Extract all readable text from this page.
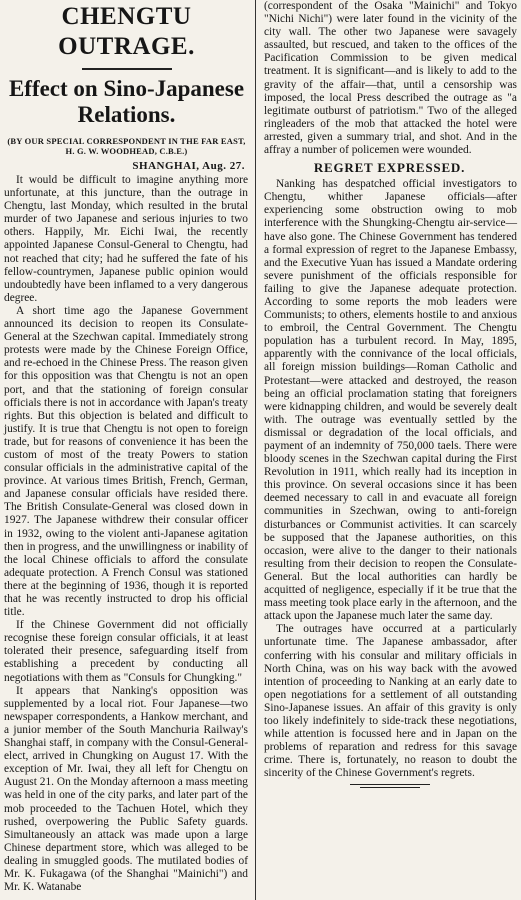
CHENGTU OUTRAGE.
Effect on Sino-Japanese Relations.
(BY OUR SPECIAL CORRESPONDENT IN THE FAR EAST, H. G. W. WOODHEAD, C.B.E.)
SHANGHAI, Aug. 27.

It would be difficult to imagine anything more unfortunate, at this juncture, than the outrage in Chengtu, last Monday, which resulted in the brutal murder of two Japanese and serious injuries to two others. Happily, Mr. Eichi Iwai, the recently appointed Japanese Consul-General to Chengtu, had not reached that city; had he suffered the fate of his fellow-countrymen, Japanese public opinion would undoubtedly have been inflamed to a very dangerous degree.

A short time ago the Japanese Government announced its decision to reopen its Consulate-General at the Szechwan capital. Immediately strong protests were made by the Chinese Foreign Office, and re-echoed in the Chinese Press. The reason given for this opposition was that Chengtu is not an open port, and that the stationing of foreign consular officials there is not in accordance with Japan's treaty rights. But this objection is belated and difficult to justify. It is true that Chengtu is not open to foreign trade, but for reasons of convenience it has been the custom of most of the treaty Powers to station consular officials in the administrative capital of the province. At various times British, French, German, and Japanese consular officials have resided there. The British Consulate-General was closed down in 1927. The Japanese withdrew their consular officer in 1932, owing to the violent anti-Japanese agitation then in progress, and the unwillingness or inability of the local Chinese officials to afford the consulate adequate protection. A French Consul was stationed there at the beginning of 1936, though it is reported that he was recently instructed to drop his official title.

If the Chinese Government did not officially recognise these foreign consular officials, it at least tolerated their presence, safeguarding itself from establishing a precedent by conducting all negotiations with them as "Consuls for Chungking."

It appears that Nanking's opposition was supplemented by a local riot. Four Japanese—two newspaper correspondents, a Hankow merchant, and a junior member of the South Manchuria Railway's Shanghai staff, in company with the Consul-General-elect, arrived in Chungking on August 17. With the exception of Mr. Iwai, they all left for Chengtu on August 21. On the Monday afternoon a mass meeting was held in one of the city parks, and later part of the mob proceeded to the Tachuen Hotel, which they rushed, overpowering the Public Safety guards. Simultaneously an attack was made upon a large Chinese department store, which was alleged to be dealing in smuggled goods. The mutilated bodies of Mr. K. Fukagawa (of the Shanghai "Mainichi") and Mr. K. Watanabe

(correspondent of the Osaka "Mainichi" and Tokyo "Nichi Nichi") were later found in the vicinity of the city wall. The other two Japanese were savagely assaulted, but rescued, and taken to the offices of the Pacification Commission to be given medical treatment. It is significant—and is likely to add to the gravity of the affair—that, until a censorship was imposed, the local Press described the outrage as "a legitimate outburst of patriotism." Two of the alleged ringleaders of the mob that attacked the hotel were arrested, given a summary trial, and shot. And in the affray a number of policemen were wounded.

REGRET EXPRESSED.

Nanking has despatched official investigators to Chengtu, whither Japanese officials—after experiencing some obstruction owing to mob interference with the Shungking-Chengtu air-service—have also gone. The Chinese Government has tendered a formal expression of regret to the Japanese Embassy, and the Executive Yuan has issued a Mandate ordering severe punishment of the officials responsible for failing to give the Japanese adequate protection. According to some reports the mob leaders were Communists; to others, elements hostile to and anxious to embroil, the Central Government. The Chengtu population has a turbulent record. In May, 1895, apparently with the connivance of the local officials, all foreign mission buildings—Roman Catholic and Protestant—were attacked and destroyed, the reason being an official proclamation stating that foreigners were kidnapping children, and would be severely dealt with. The outrage was eventually settled by the dismissal or degradation of the local officials, and payment of an indemnity of 750,000 taels. There were bloody scenes in the Szechwan capital during the First Revolution in 1911, which really had its inception in this province. On several occasions since it has been deemed necessary to call in and evacuate all foreign communities in Szechwan, owing to anti-foreign disturbances or Communist activities. It can scarcely be supposed that the Japanese authorities, on this occasion, were alive to the danger to their nationals resulting from their decision to reopen the Consulate-General. But the local authorities can hardly be acquitted of negligence, especially if it be true that the mass meeting took place early in the afternoon, and the attack upon the Japanese much later the same day.

The outrages have occurred at a particularly unfortunate time. The Japanese ambassador, after conferring with his consular and military officials in North China, was on his way back with the avowed intention of proceeding to Nanking at an early date to open negotiations for a settlement of all outstanding Sino-Japanese issues. An affair of this gravity is only too likely indefinitely to side-track these negotiations, while attention is focussed here and in Japan on the problems of reparation and redress for this savage crime. There is, fortunately, no reason to doubt the sincerity of the Chinese Government's regrets.
